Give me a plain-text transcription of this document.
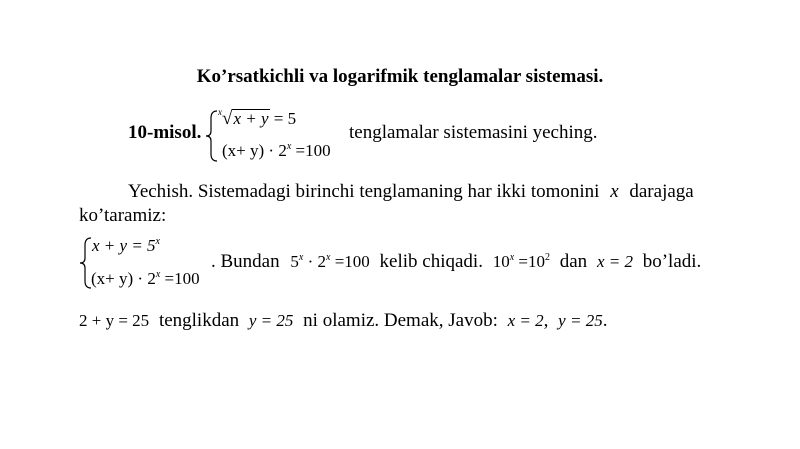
Ko’rsatkichli va logarifmik tenglamalar sistemasi.
10-misol.
$^x$√x + y = 5
$(x+ y) \cdot 2^x =100$
tenglamalar sistemasini yeching.
Yechish. Sistemadagi birinchi tenglamaning har ikki tomonini x darajaga
ko’taramiz:
$x + y = 5^x$
$(x+ y) \cdot 2^x =100$
. Bundan $5^x \cdot 2^x =100$ kelib chiqadi. $10^x =10^2$ dan x = 2 bo’ladi.
2 + y = 25 tenglikdan y = 25 ni olamiz. Demak, Javob: x = 2, y = 25.
